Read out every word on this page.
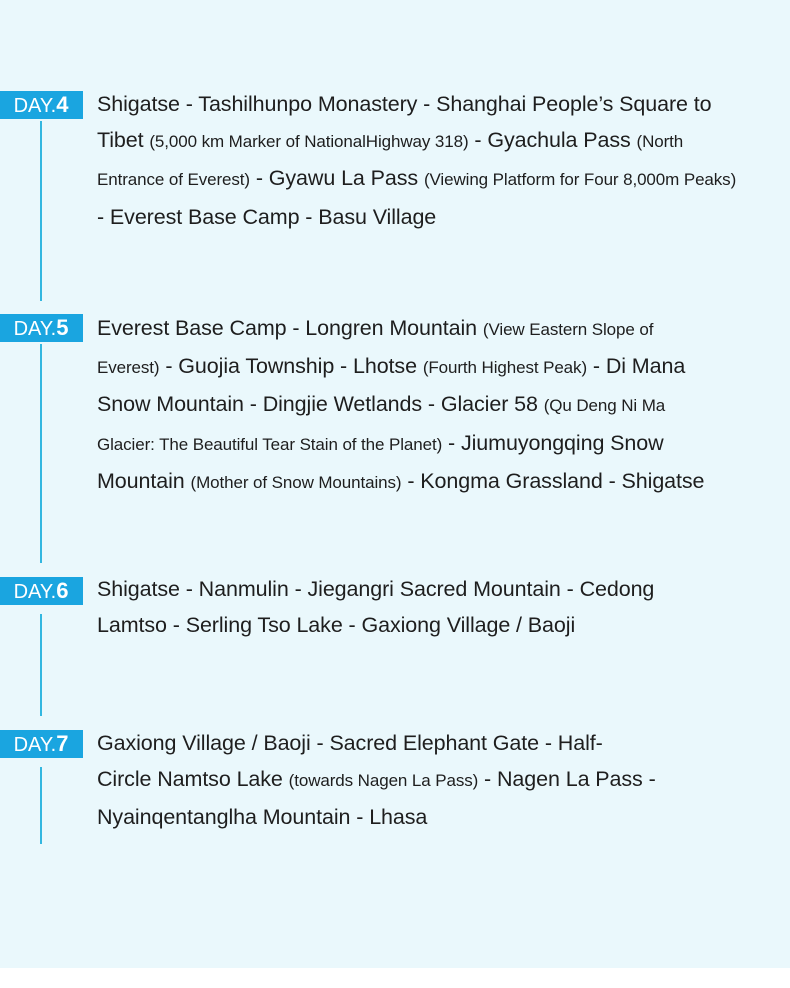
DAY.4	Shigatse - Tashilhunpo Monastery - Shanghai People’s Square to Tibet (5,000 km Marker of NationalHighway 318) - Gyachula Pass (North Entrance of Everest) - Gyawu La Pass (Viewing Platform for Four 8,000m Peaks) - Everest Base Camp - Basu Village
DAY.5	Everest Base Camp - Longren Mountain (View Eastern Slope of Everest) - Guojia Township - Lhotse (Fourth Highest Peak) - Di Mana Snow Mountain - Dingjie Wetlands - Glacier 58 (Qu Deng Ni Ma Glacier: The Beautiful Tear Stain of the Planet) - Jiumuyongqing Snow Mountain (Mother of Snow Mountains) - Kongma Grassland - Shigatse
DAY.6	Shigatse - Nanmulin - Jiegangri Sacred Mountain - Cedong Lamtso - Serling Tso Lake - Gaxiong Village / Baoji
DAY.7	Gaxiong Village / Baoji - Sacred Elephant Gate - Half-Circle Namtso Lake (towards Nagen La Pass) - Nagen La Pass - Nyainqentanglha Mountain - Lhasa
